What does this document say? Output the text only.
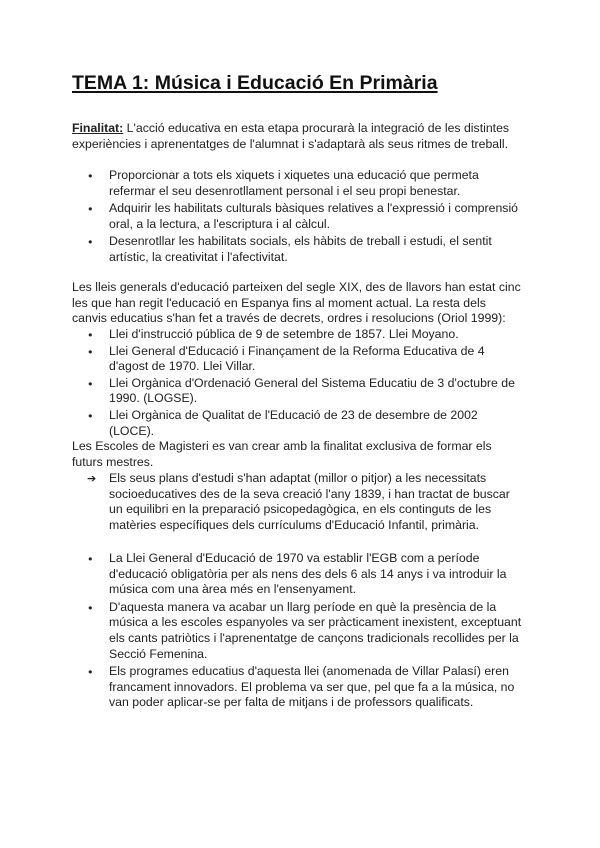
TEMA 1: Música i Educació En Primària

Finalitat: L'acció educativa en esta etapa procurarà la integració de les distintes experiències i aprenentatges de l'alumnat i s'adaptarà als seus ritmes de treball.

● Proporcionar a tots els xiquets i xiquetes una educació que permeta refermar el seu desenrotllament personal i el seu propi benestar.
● Adquirir les habilitats culturals bàsiques relatives a l'expressió i comprensió oral, a la lectura, a l'escriptura i al càlcul.
● Desenrotllar les habilitats socials, els hàbits de treball i estudi, el sentit artístic, la creativitat i l'afectivitat.

Les lleis generals d'educació parteixen del segle XIX, des de llavors han estat cinc les que han regit l'educació en Espanya fins al moment actual. La resta dels canvis educatius s'han fet a través de decrets, ordres i resolucions (Oriol 1999):

● Llei d'instrucció pública de 9 de setembre de 1857. Llei Moyano.
● Llei General d'Educació i Finançament de la Reforma Educativa de 4 d'agost de 1970. Llei Villar.
● Llei Orgànica d'Ordenació General del Sistema Educatiu de 3 d'octubre de 1990. (LOGSE).
● Llei Orgànica de Qualitat de l'Educació de 23 de desembre de 2002 (LOCE).

Les Escoles de Magisteri es van crear amb la finalitat exclusiva de formar els futurs mestres.

➔ Els seus plans d'estudi s'han adaptat (millor o pitjor) a les necessitats socioeducatives des de la seva creació l'any 1839, i han tractat de buscar un equilibri en la preparació psicopedagògica, en els continguts de les matèries específiques dels currículums d'Educació Infantil, primària.
● La Llei General d'Educació de 1970 va establir l'EGB com a període d'educació obligatòria per als nens des dels 6 als 14 anys i va introduir la música com una àrea més en l'ensenyament.
● D'aquesta manera va acabar un llarg període en què la presència de la música a les escoles espanyoles va ser pràcticament inexistent, exceptuant els cants patriòtics i l'aprenentatge de cançons tradicionals recollides per la Secció Femenina.
● Els programes educatius d'aquesta llei (anomenada de Villar Palasí) eren francament innovadors. El problema va ser que, pel que fa a la música, no van poder aplicar-se per falta de mitjans i de professors qualificats.
